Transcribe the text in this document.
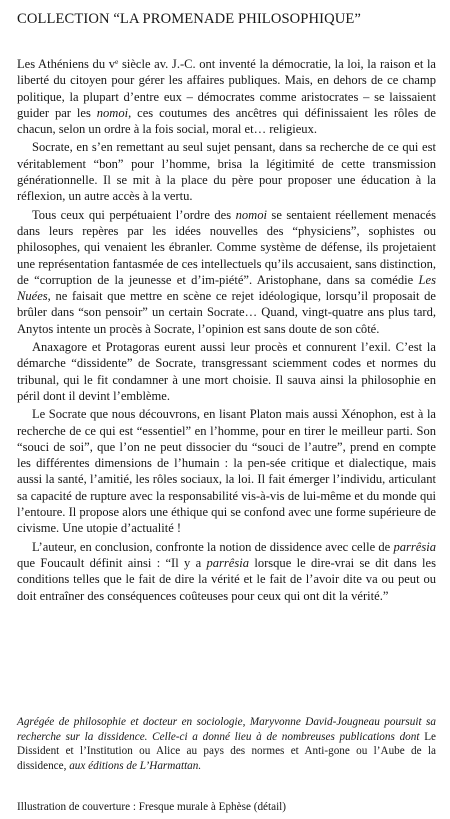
COLLECTION “LA PROMENADE PHILOSOPHIQUE”

Les Athéniens du $v^e$ siècle av. J.-C. ont inventé la démocratie, la loi, la raison et la liberté du citoyen pour gérer les affaires publiques. Mais, en dehors de ce champ politique, la plupart d’entre eux – démocrates comme aristocrates – se laissaient guider par les nomoi, ces coutumes des ancêtres qui définissaient les rôles de chacun, selon un ordre à la fois social, moral et… religieux.

Socrate, en s’en remettant au seul sujet pensant, dans sa recherche de ce qui est véritablement “bon” pour l’homme, brisa la légitimité de cette transmission générationnelle. Il se mit à la place du père pour proposer une éducation à la réflexion, un autre accès à la vertu.

Tous ceux qui perpétuaient l’ordre des nomoi se sentaient réellement menacés dans leurs repères par les idées nouvelles des “physiciens”, sophistes ou philosophes, qui venaient les ébranler. Comme système de défense, ils projetaient une représentation fantasmée de ces intellectuels qu’ils accusaient, sans distinction, de “corruption de la jeunesse et d’im-piété”. Aristophane, dans sa comédie Les Nuées, ne faisait que mettre en scène ce rejet idéologique, lorsqu’il proposait de brûler dans “son pensoir” un certain Socrate… Quand, vingt-quatre ans plus tard, Anytos intente un procès à Socrate, l’opinion est sans doute de son côté.

Anaxagore et Protagoras eurent aussi leur procès et connurent l’exil. C’est la démarche “dissidente” de Socrate, transgressant sciemment codes et normes du tribunal, qui le fit condamner à une mort choisie. Il sauva ainsi la philosophie en péril dont il devint l’emblème.

Le Socrate que nous découvrons, en lisant Platon mais aussi Xénophon, est à la recherche de ce qui est “essentiel” en l’homme, pour en tirer le meilleur parti. Son “souci de soi”, que l’on ne peut dissocier du “souci de l’autre”, prend en compte les différentes dimensions de l’humain : la pen-sée critique et dialectique, mais aussi la santé, l’amitié, les rôles sociaux, la loi. Il fait émerger l’individu, articulant sa capacité de rupture avec la responsabilité vis-à-vis de lui-même et du monde qui l’entoure. Il propose alors une éthique qui se confond avec une forme supérieure de civisme. Une utopie d’actualité !

L’auteur, en conclusion, confronte la notion de dissidence avec celle de parrêsia que Foucault définit ainsi : “Il y a parrêsia lorsque le dire-vrai se dit dans les conditions telles que le fait de dire la vérité et le fait de l’avoir dite va ou peut ou doit entraîner des conséquences coûteuses pour ceux qui ont dit la vérité.”

Agrégée de philosophie et docteur en sociologie, Maryvonne David-Jougneau poursuit sa recherche sur la dissidence. Celle-ci a donné lieu à de nombreuses publications dont Le Dissident et l’Institution ou Alice au pays des normes et Anti-gone ou l’Aube de la dissidence, aux éditions de L’Harmattan.

Illustration de couverture : Fresque murale à Ephèse (détail)
